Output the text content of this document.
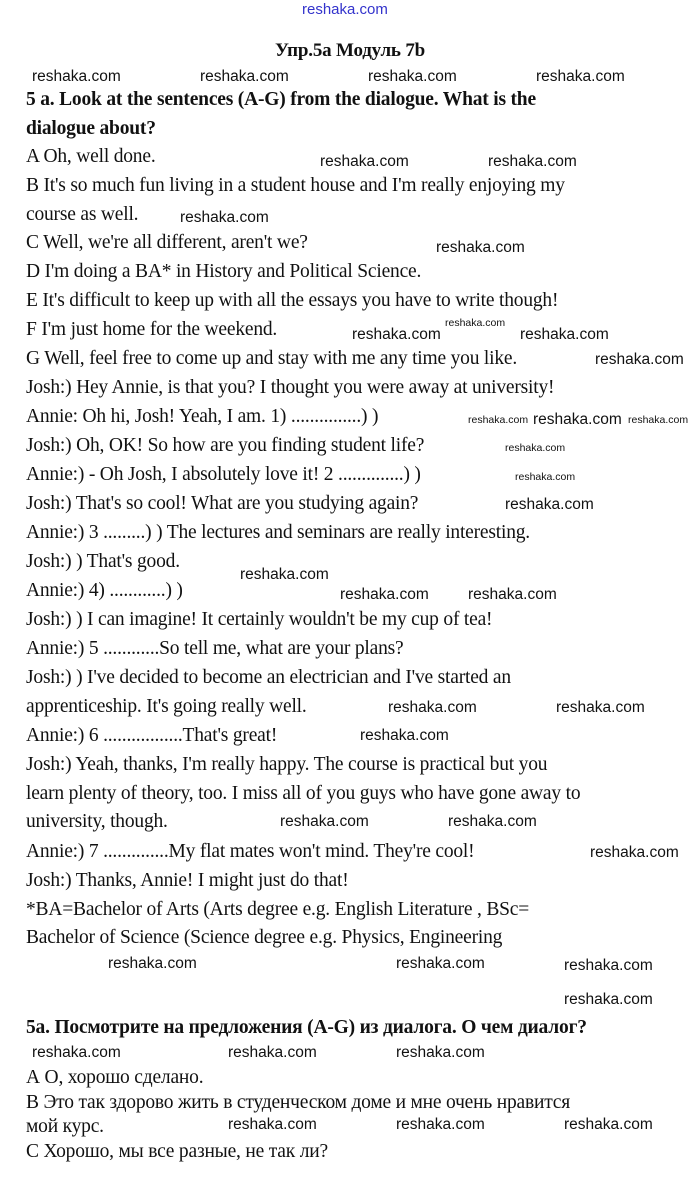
reshaka.com
Упр.5a Модуль 7b
5 a. Look at the sentences (A-G) from the dialogue. What is the
dialogue about?
A Oh, well done.
B It's so much fun living in a student house and I'm really enjoying my
course as well.
C Well, we're all different, aren't we?
D I'm doing a BA* in History and Political Science.
E It's difficult to keep up with all the essays you have to write though!
F I'm just home for the weekend.
G Well, feel free to come up and stay with me any time you like.
Josh:) Hey Annie, is that you? I thought you were away at university!
Annie: Oh hi, Josh! Yeah, I am. 1) ...............) )
Josh:) Oh, OK! So how are you finding student life?
Annie:) - Oh Josh, I absolutely love it! 2 ..............) )
Josh:) That's so cool! What are you studying again?
Annie:) 3 .........) ) The lectures and seminars are really interesting.
Josh:) ) That's good.
Annie:) 4) ............) )
Josh:) ) I can imagine! It certainly wouldn't be my cup of tea!
Annie:) 5 ............So tell me, what are your plans?
Josh:) ) I've decided to become an electrician and I've started an
apprenticeship. It's going really well.
Annie:) 6 .................That's great!
Josh:) Yeah, thanks, I'm really happy. The course is practical but you
learn plenty of theory, too. I miss all of you guys who have gone away to
university, though.
Annie:) 7 ..............My flat mates won't mind. They're cool!
Josh:) Thanks, Annie! I might just do that!
*BA=Bachelor of Arts (Arts degree e.g. English Literature , BSc=
Bachelor of Science (Science degree e.g. Physics, Engineering
5a. Посмотрите на предложения (A-G) из диалога. О чем диалог?
А О, хорошо сделано.
В Это так здорово жить в студенческом доме и мне очень нравится
мой курс.
С Хорошо, мы все разные, не так ли?
reshaka.com	reshaka.com	reshaka.com	reshaka.com
reshaka.com	reshaka.com
reshaka.com
reshaka.com
reshaka.com
reshaka.com	reshaka.com
reshaka.com
reshaka.com reshaka.com reshaka.com
reshaka.com
reshaka.com
reshaka.com
reshaka.com
reshaka.com	reshaka.com
reshaka.com	reshaka.com
reshaka.com
reshaka.com	reshaka.com
reshaka.com
reshaka.com
reshaka.com	reshaka.com
reshaka.com
reshaka.com	reshaka.com	reshaka.com
reshaka.com
reshaka.com	reshaka.com
